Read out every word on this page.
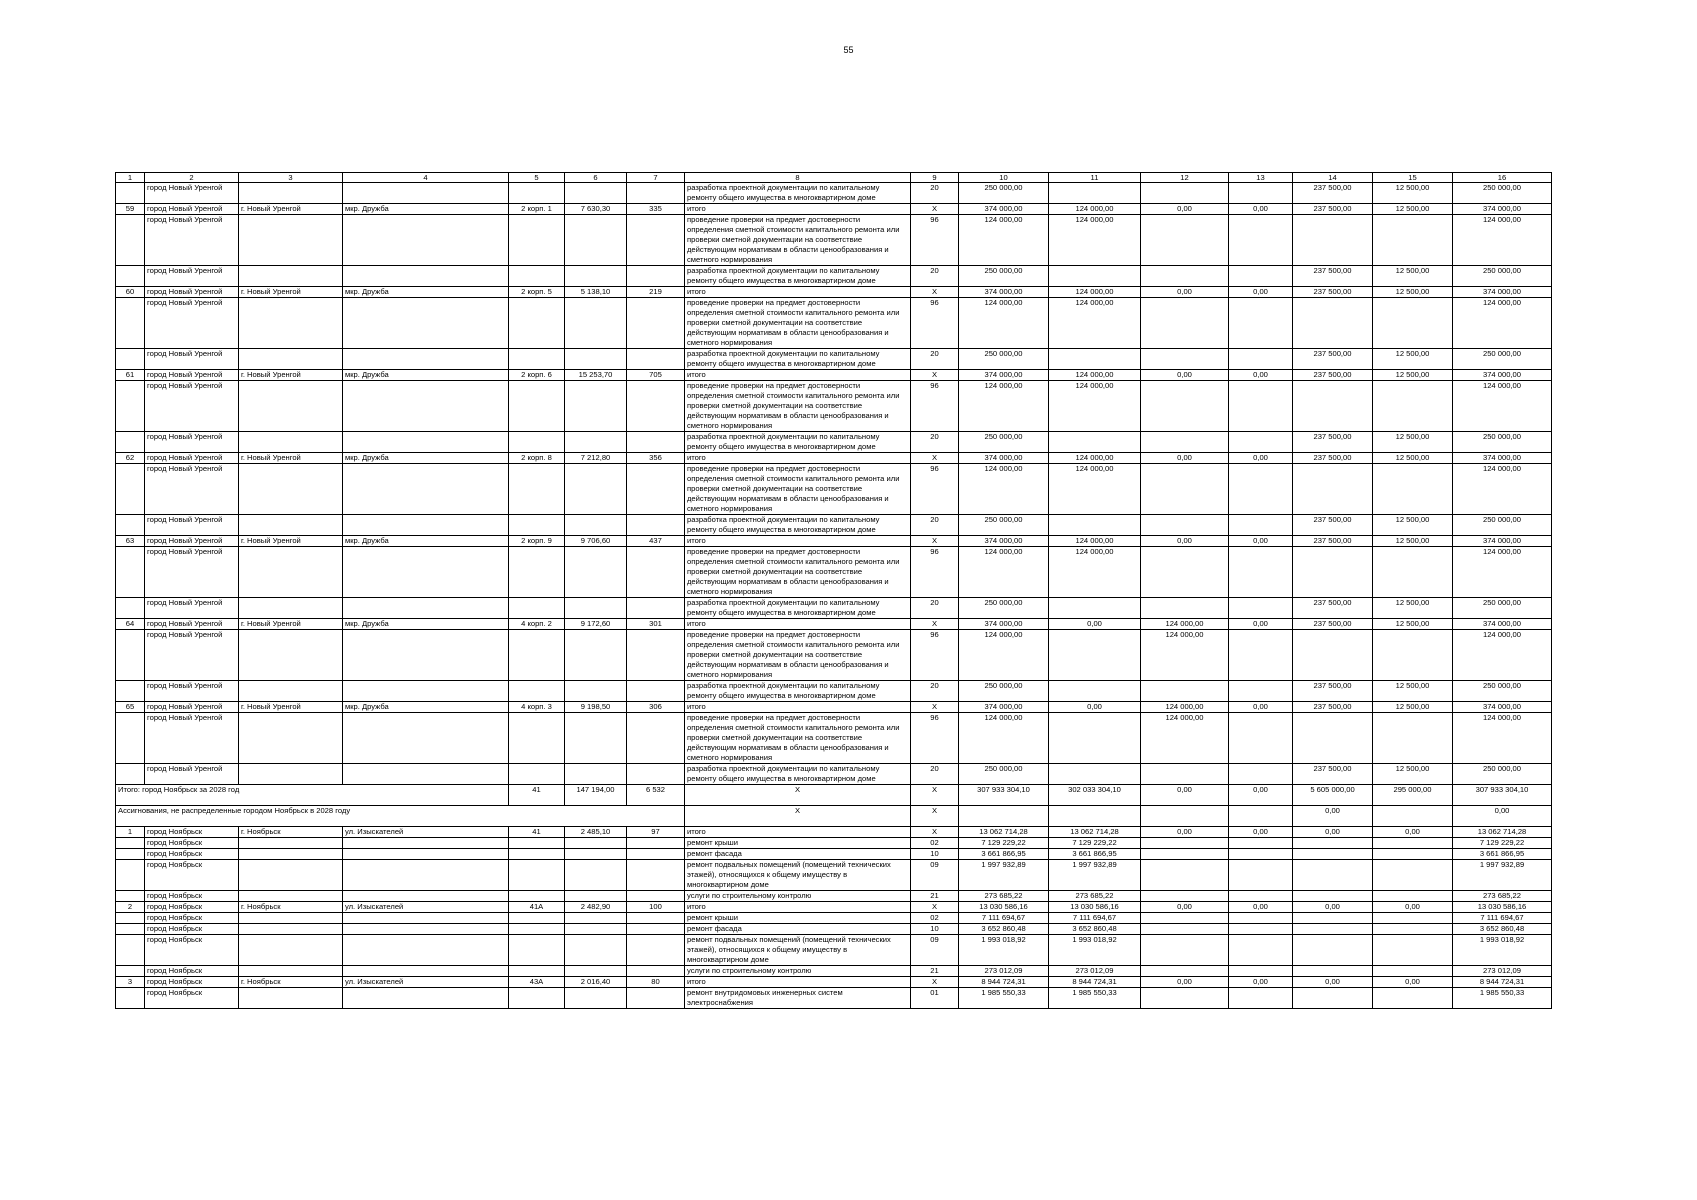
55
1	2	3	4	5	6	7	8	9	10	11	12	13	14	15	16
	город Новый Уренгой						разработка проектной документации по капитальному ремонту общего имущества в многоквартирном доме	20	250 000,00				237 500,00	12 500,00	250 000,00
59	город Новый Уренгой	г. Новый Уренгой	мкр. Дружба	2 корп. 1	7 630,30	335	итого	Х	374 000,00	124 000,00	0,00	0,00	237 500,00	12 500,00	374 000,00
	город Новый Уренгой						проведение проверки на предмет достоверности определения сметной стоимости капитального ремонта или проверки сметной документации на соответствие действующим нормативам в области ценообразования и сметного нормирования	96	124 000,00	124 000,00					124 000,00
	город Новый Уренгой						разработка проектной документации по капитальному ремонту общего имущества в многоквартирном доме	20	250 000,00				237 500,00	12 500,00	250 000,00
60	город Новый Уренгой	г. Новый Уренгой	мкр. Дружба	2 корп. 5	5 138,10	219	итого	Х	374 000,00	124 000,00	0,00	0,00	237 500,00	12 500,00	374 000,00
	город Новый Уренгой						проведение проверки на предмет достоверности определения сметной стоимости капитального ремонта или проверки сметной документации на соответствие действующим нормативам в области ценообразования и сметного нормирования	96	124 000,00	124 000,00					124 000,00
	город Новый Уренгой						разработка проектной документации по капитальному ремонту общего имущества в многоквартирном доме	20	250 000,00				237 500,00	12 500,00	250 000,00
61	город Новый Уренгой	г. Новый Уренгой	мкр. Дружба	2 корп. 6	15 253,70	705	итого	Х	374 000,00	124 000,00	0,00	0,00	237 500,00	12 500,00	374 000,00
	город Новый Уренгой						проведение проверки на предмет достоверности определения сметной стоимости капитального ремонта или проверки сметной документации на соответствие действующим нормативам в области ценообразования и сметного нормирования	96	124 000,00	124 000,00					124 000,00
	город Новый Уренгой						разработка проектной документации по капитальному ремонту общего имущества в многоквартирном доме	20	250 000,00				237 500,00	12 500,00	250 000,00
62	город Новый Уренгой	г. Новый Уренгой	мкр. Дружба	2 корп. 8	7 212,80	356	итого	Х	374 000,00	124 000,00	0,00	0,00	237 500,00	12 500,00	374 000,00
	город Новый Уренгой						проведение проверки на предмет достоверности определения сметной стоимости капитального ремонта или проверки сметной документации на соответствие действующим нормативам в области ценообразования и сметного нормирования	96	124 000,00	124 000,00					124 000,00
	город Новый Уренгой						разработка проектной документации по капитальному ремонту общего имущества в многоквартирном доме	20	250 000,00				237 500,00	12 500,00	250 000,00
63	город Новый Уренгой	г. Новый Уренгой	мкр. Дружба	2 корп. 9	9 706,60	437	итого	Х	374 000,00	124 000,00	0,00	0,00	237 500,00	12 500,00	374 000,00
	город Новый Уренгой						проведение проверки на предмет достоверности определения сметной стоимости капитального ремонта или проверки сметной документации на соответствие действующим нормативам в области ценообразования и сметного нормирования	96	124 000,00	124 000,00					124 000,00
	город Новый Уренгой						разработка проектной документации по капитальному ремонту общего имущества в многоквартирном доме	20	250 000,00				237 500,00	12 500,00	250 000,00
64	город Новый Уренгой	г. Новый Уренгой	мкр. Дружба	4 корп. 2	9 172,60	301	итого	Х	374 000,00	0,00	124 000,00	0,00	237 500,00	12 500,00	374 000,00
	город Новый Уренгой						проведение проверки на предмет достоверности определения сметной стоимости капитального ремонта или проверки сметной документации на соответствие действующим нормативам в области ценообразования и сметного нормирования	96	124 000,00		124 000,00				124 000,00
	город Новый Уренгой						разработка проектной документации по капитальному ремонту общего имущества в многоквартирном доме	20	250 000,00				237 500,00	12 500,00	250 000,00
65	город Новый Уренгой	г. Новый Уренгой	мкр. Дружба	4 корп. 3	9 198,50	306	итого	Х	374 000,00	0,00	124 000,00	0,00	237 500,00	12 500,00	374 000,00
	город Новый Уренгой						проведение проверки на предмет достоверности определения сметной стоимости капитального ремонта или проверки сметной документации на соответствие действующим нормативам в области ценообразования и сметного нормирования	96	124 000,00		124 000,00				124 000,00
	город Новый Уренгой						разработка проектной документации по капитальному ремонту общего имущества в многоквартирном доме	20	250 000,00				237 500,00	12 500,00	250 000,00
Итого: город Ноябрьск за 2028 год				41	147 194,00	6 532	Х	Х	307 933 304,10	302 033 304,10	0,00	0,00	5 605 000,00	295 000,00	307 933 304,10
Ассигнования, не распределенные городом Ноябрьск в 2028 году							Х	Х					0,00		0,00
1	город Ноябрьск	г. Ноябрьск	ул. Изыскателей	41	2 485,10	97	итого	Х	13 062 714,28	13 062 714,28	0,00	0,00	0,00	0,00	13 062 714,28
	город Ноябрьск						ремонт крыши	02	7 129 229,22	7 129 229,22					7 129 229,22
	город Ноябрьск						ремонт фасада	10	3 661 866,95	3 661 866,95					3 661 866,95
	город Ноябрьск						ремонт подвальных помещений (помещений технических этажей), относящихся к общему имуществу в многоквартирном доме	09	1 997 932,89	1 997 932,89					1 997 932,89
	город Ноябрьск						услуги по строительному контролю	21	273 685,22	273 685,22					273 685,22
2	город Ноябрьск	г. Ноябрьск	ул. Изыскателей	41А	2 482,90	100	итого	Х	13 030 586,16	13 030 586,16	0,00	0,00	0,00	0,00	13 030 586,16
	город Ноябрьск						ремонт крыши	02	7 111 694,67	7 111 694,67					7 111 694,67
	город Ноябрьск						ремонт фасада	10	3 652 860,48	3 652 860,48					3 652 860,48
	город Ноябрьск						ремонт подвальных помещений (помещений технических этажей), относящихся к общему имуществу в многоквартирном доме	09	1 993 018,92	1 993 018,92					1 993 018,92
	город Ноябрьск						услуги по строительному контролю	21	273 012,09	273 012,09					273 012,09
3	город Ноябрьск	г. Ноябрьск	ул. Изыскателей	43А	2 016,40	80	итого	Х	8 944 724,31	8 944 724,31	0,00	0,00	0,00	0,00	8 944 724,31
	город Ноябрьск						ремонт внутридомовых инженерных систем электроснабжения	01	1 985 550,33	1 985 550,33					1 985 550,33
